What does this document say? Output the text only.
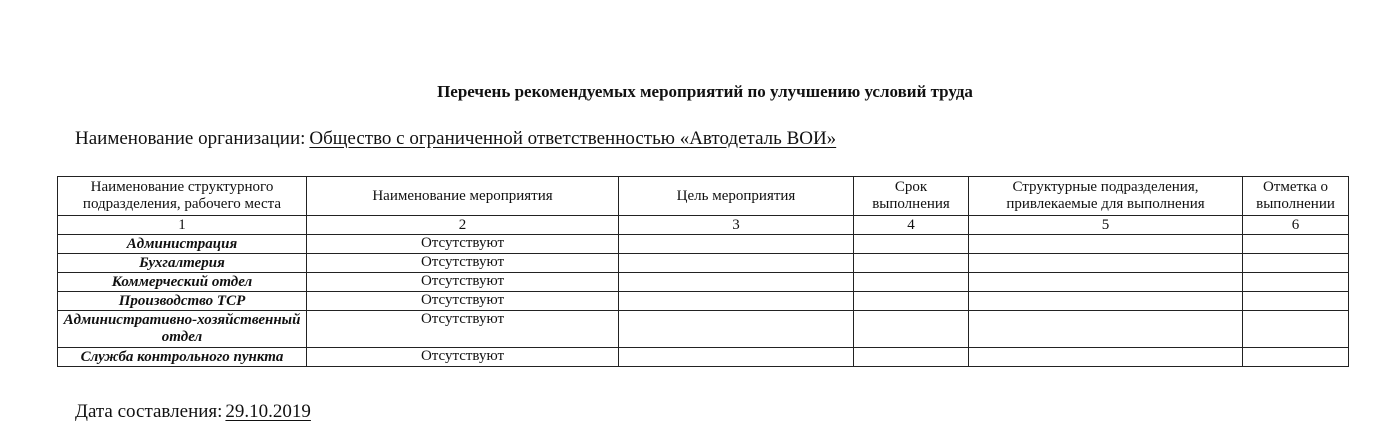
Перечень рекомендуемых мероприятий по улучшению условий труда
Наименование организации: Общество с ограниченной ответственностью «Автодеталь ВОИ»
Наименование структурного подразделения, рабочего места	Наименование мероприятия	Цель мероприятия	Срок выполнения	Структурные подразделения, привлекаемые для выполнения	Отметка о выполнении
1	2	3	4	5	6
Администрация	Отсутствуют				
Бухгалтерия	Отсутствуют				
Коммерческий отдел	Отсутствуют				
Производство ТСР	Отсутствуют				
Административно-хозяйственный отдел	Отсутствуют				
Служба контрольного пункта	Отсутствуют				
Дата составления: 29.10.2019
